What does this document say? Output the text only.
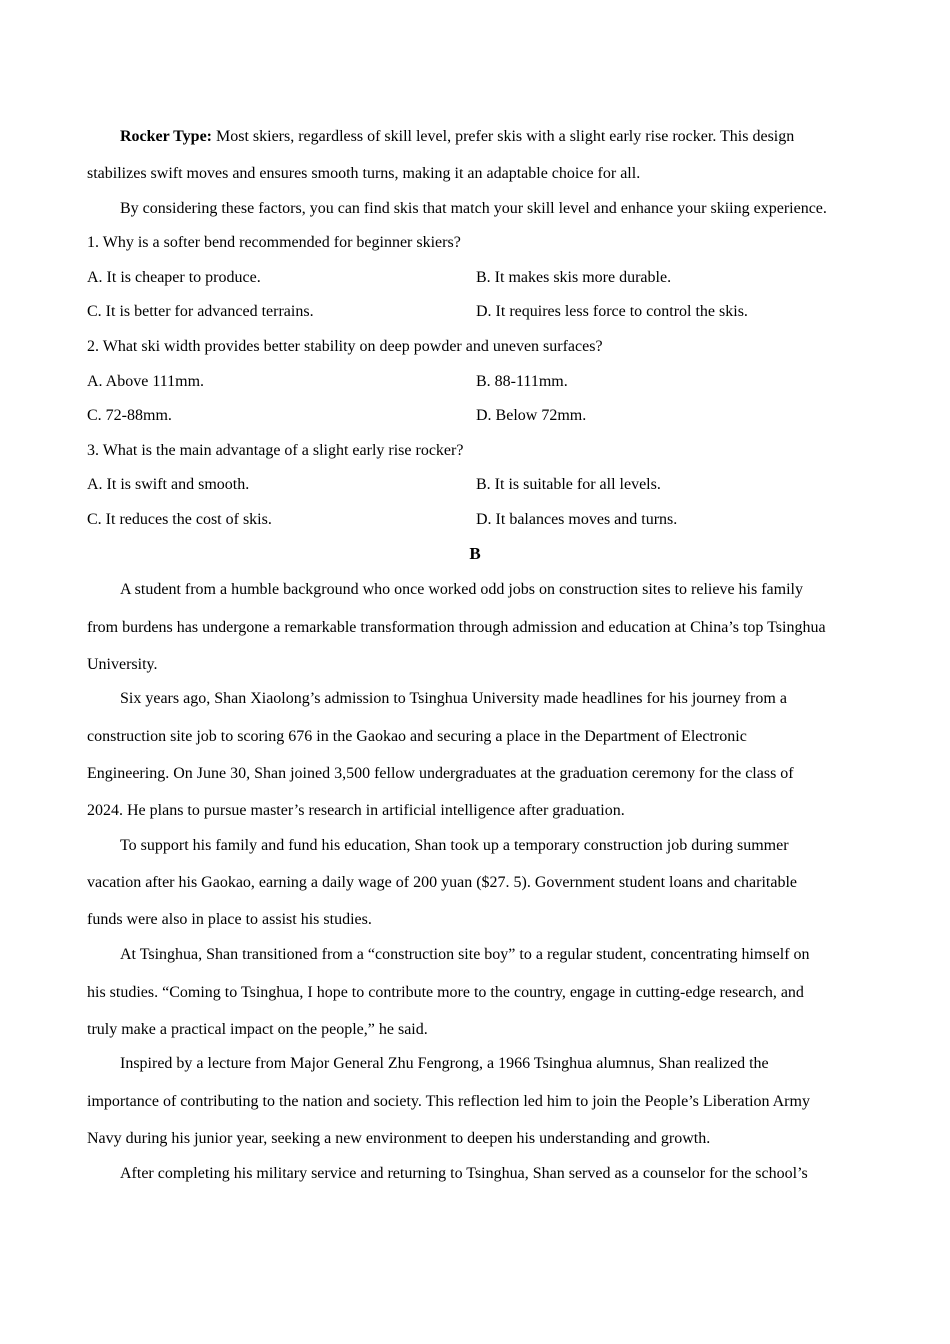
Rocker Type: Most skiers, regardless of skill level, prefer skis with a slight early rise rocker. This design
stabilizes swift moves and ensures smooth turns, making it an adaptable choice for all.
By considering these factors, you can find skis that match your skill level and enhance your skiing experience.
1. Why is a softer bend recommended for beginner skiers?
A. It is cheaper to produce.	B. It makes skis more durable.
C. It is better for advanced terrains.	D. It requires less force to control the skis.
2. What ski width provides better stability on deep powder and uneven surfaces?
A. Above 111mm.	B. 88-111mm.
C. 72-88mm.	D. Below 72mm.
3. What is the main advantage of a slight early rise rocker?
A. It is swift and smooth.	B. It is suitable for all levels.
C. It reduces the cost of skis.	D. It balances moves and turns.
B
A student from a humble background who once worked odd jobs on construction sites to relieve his family
from burdens has undergone a remarkable transformation through admission and education at China’s top Tsinghua
University.
Six years ago, Shan Xiaolong’s admission to Tsinghua University made headlines for his journey from a
construction site job to scoring 676 in the Gaokao and securing a place in the Department of Electronic
Engineering. On June 30, Shan joined 3,500 fellow undergraduates at the graduation ceremony for the class of
2024. He plans to pursue master’s research in artificial intelligence after graduation.
To support his family and fund his education, Shan took up a temporary construction job during summer
vacation after his Gaokao, earning a daily wage of 200 yuan ($27. 5). Government student loans and charitable
funds were also in place to assist his studies.
At Tsinghua, Shan transitioned from a “construction site boy” to a regular student, concentrating himself on
his studies. “Coming to Tsinghua, I hope to contribute more to the country, engage in cutting-edge research, and
truly make a practical impact on the people,” he said.
Inspired by a lecture from Major General Zhu Fengrong, a 1966 Tsinghua alumnus, Shan realized the
importance of contributing to the nation and society. This reflection led him to join the People’s Liberation Army
Navy during his junior year, seeking a new environment to deepen his understanding and growth.
After completing his military service and returning to Tsinghua, Shan served as a counselor for the school’s
